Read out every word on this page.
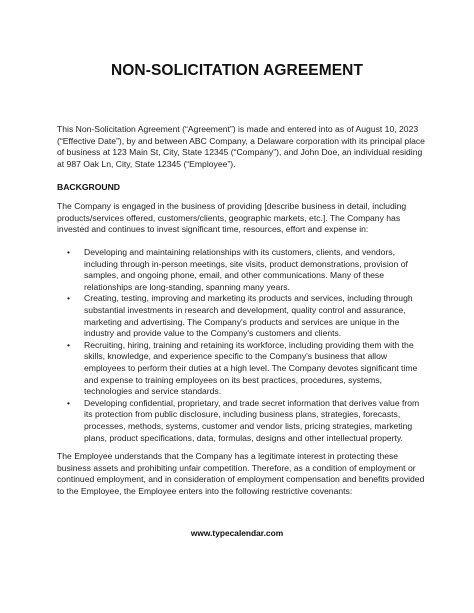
NON-SOLICITATION AGREEMENT

This Non-Solicitation Agreement (“Agreement”) is made and entered into as of August 10, 2023 (“Effective Date”), by and between ABC Company, a Delaware corporation with its principal place of business at 123 Main St, City, State 12345 (“Company”), and John Doe, an individual residing at 987 Oak Ln, City, State 12345 (“Employee”).

BACKGROUND

The Company is engaged in the business of providing [describe business in detail, including products/services offered, customers/clients, geographic markets, etc.]. The Company has invested and continues to invest significant time, resources, effort and expense in:

• Developing and maintaining relationships with its customers, clients, and vendors, including through in-person meetings, site visits, product demonstrations, provision of samples, and ongoing phone, email, and other communications. Many of these relationships are long-standing, spanning many years.
• Creating, testing, improving and marketing its products and services, including through substantial investments in research and development, quality control and assurance, marketing and advertising. The Company's products and services are unique in the industry and provide value to the Company's customers and clients.
• Recruiting, hiring, training and retaining its workforce, including providing them with the skills, knowledge, and experience specific to the Company's business that allow employees to perform their duties at a high level. The Company devotes significant time and expense to training employees on its best practices, procedures, systems, technologies and service standards.
• Developing confidential, proprietary, and trade secret information that derives value from its protection from public disclosure, including business plans, strategies, forecasts, processes, methods, systems, customer and vendor lists, pricing strategies, marketing plans, product specifications, data, formulas, designs and other intellectual property.

The Employee understands that the Company has a legitimate interest in protecting these business assets and prohibiting unfair competition. Therefore, as a condition of employment or continued employment, and in consideration of employment compensation and benefits provided to the Employee, the Employee enters into the following restrictive covenants:

www.typecalendar.com
